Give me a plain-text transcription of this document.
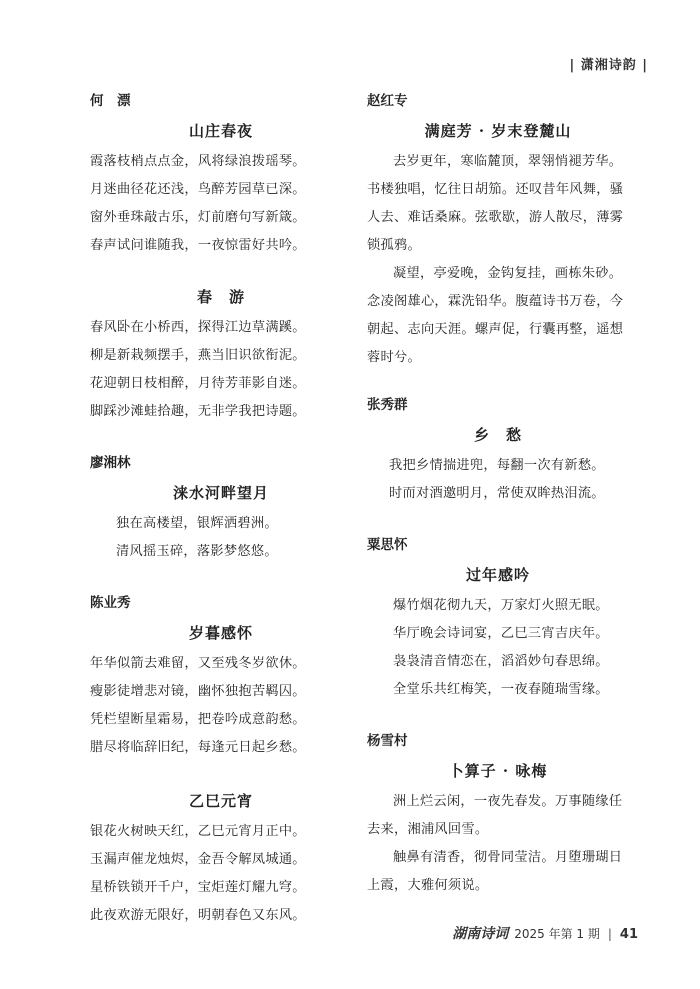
| 潇湘诗韵 |
何　漂
山庄春夜
霞落枝梢点点金，风将绿浪拨瑶琴。
月迷曲径花还浅，鸟醉芳园草已深。
窗外垂珠敲古乐，灯前磨句写新箴。
春声试问谁随我，一夜惊雷好共吟。
春　游
春风卧在小桥西，探得江边草满蹊。
柳是新栽频摆手，燕当旧识欲衔泥。
花迎朝日枝相醉，月待芳菲影自迷。
脚踩沙滩蛙拾趣，无非学我把诗题。
廖湘林
涞水河畔望月
独在高楼望，银辉洒碧洲。
清风摇玉碎，落影梦悠悠。
陈业秀
岁暮感怀
年华似箭去难留，又至残冬岁欲休。
瘦影徒增悲对镜，幽怀独抱苦羁囚。
凭栏望断星霜易，把卷吟成意韵愁。
腊尽将临辞旧纪，每逢元日起乡愁。
乙巳元宵
银花火树映天红，乙巳元宵月正中。
玉漏声催龙烛烬，金吾令解凤城通。
星桥铁锁开千户，宝炬莲灯耀九穹。
此夜欢游无限好，明朝春色又东风。
赵红专
满庭芳 · 岁末登麓山
去岁更年，寒临麓顶，翠翎悄褪芳华。
书楼独唱，忆往日胡笳。还叹昔年风舞，骚
人去、难话桑麻。弦歌歇，游人散尽，薄雾
锁孤鸦。
凝望，亭爱晚，金钩复挂，画栋朱砂。
念凌阁雄心，霖洗铅华。腹蕴诗书万卷，今
朝起、志向天涯。螺声促，行囊再整，遥想
蓉时兮。
张秀群
乡　愁
我把乡情揣进兜，每翻一次有新愁。
时而对酒邀明月，常使双眸热泪流。
粟思怀
过年感吟
爆竹烟花彻九天，万家灯火照无眠。
华厅晚会诗词宴，乙巳三宵吉庆年。
袅袅清音情恋在，滔滔妙句春思绵。
全堂乐共红梅笑，一夜春随瑞雪缘。
杨雪村
卜算子 · 咏梅
洲上烂云闲，一夜先春发。万事随缘任
去来，湘浦风回雪。
触鼻有清香，彻骨同莹洁。月堕珊瑚日
上霞，大雅何须说。
湖南诗词 2025 年第 1 期 | 41
